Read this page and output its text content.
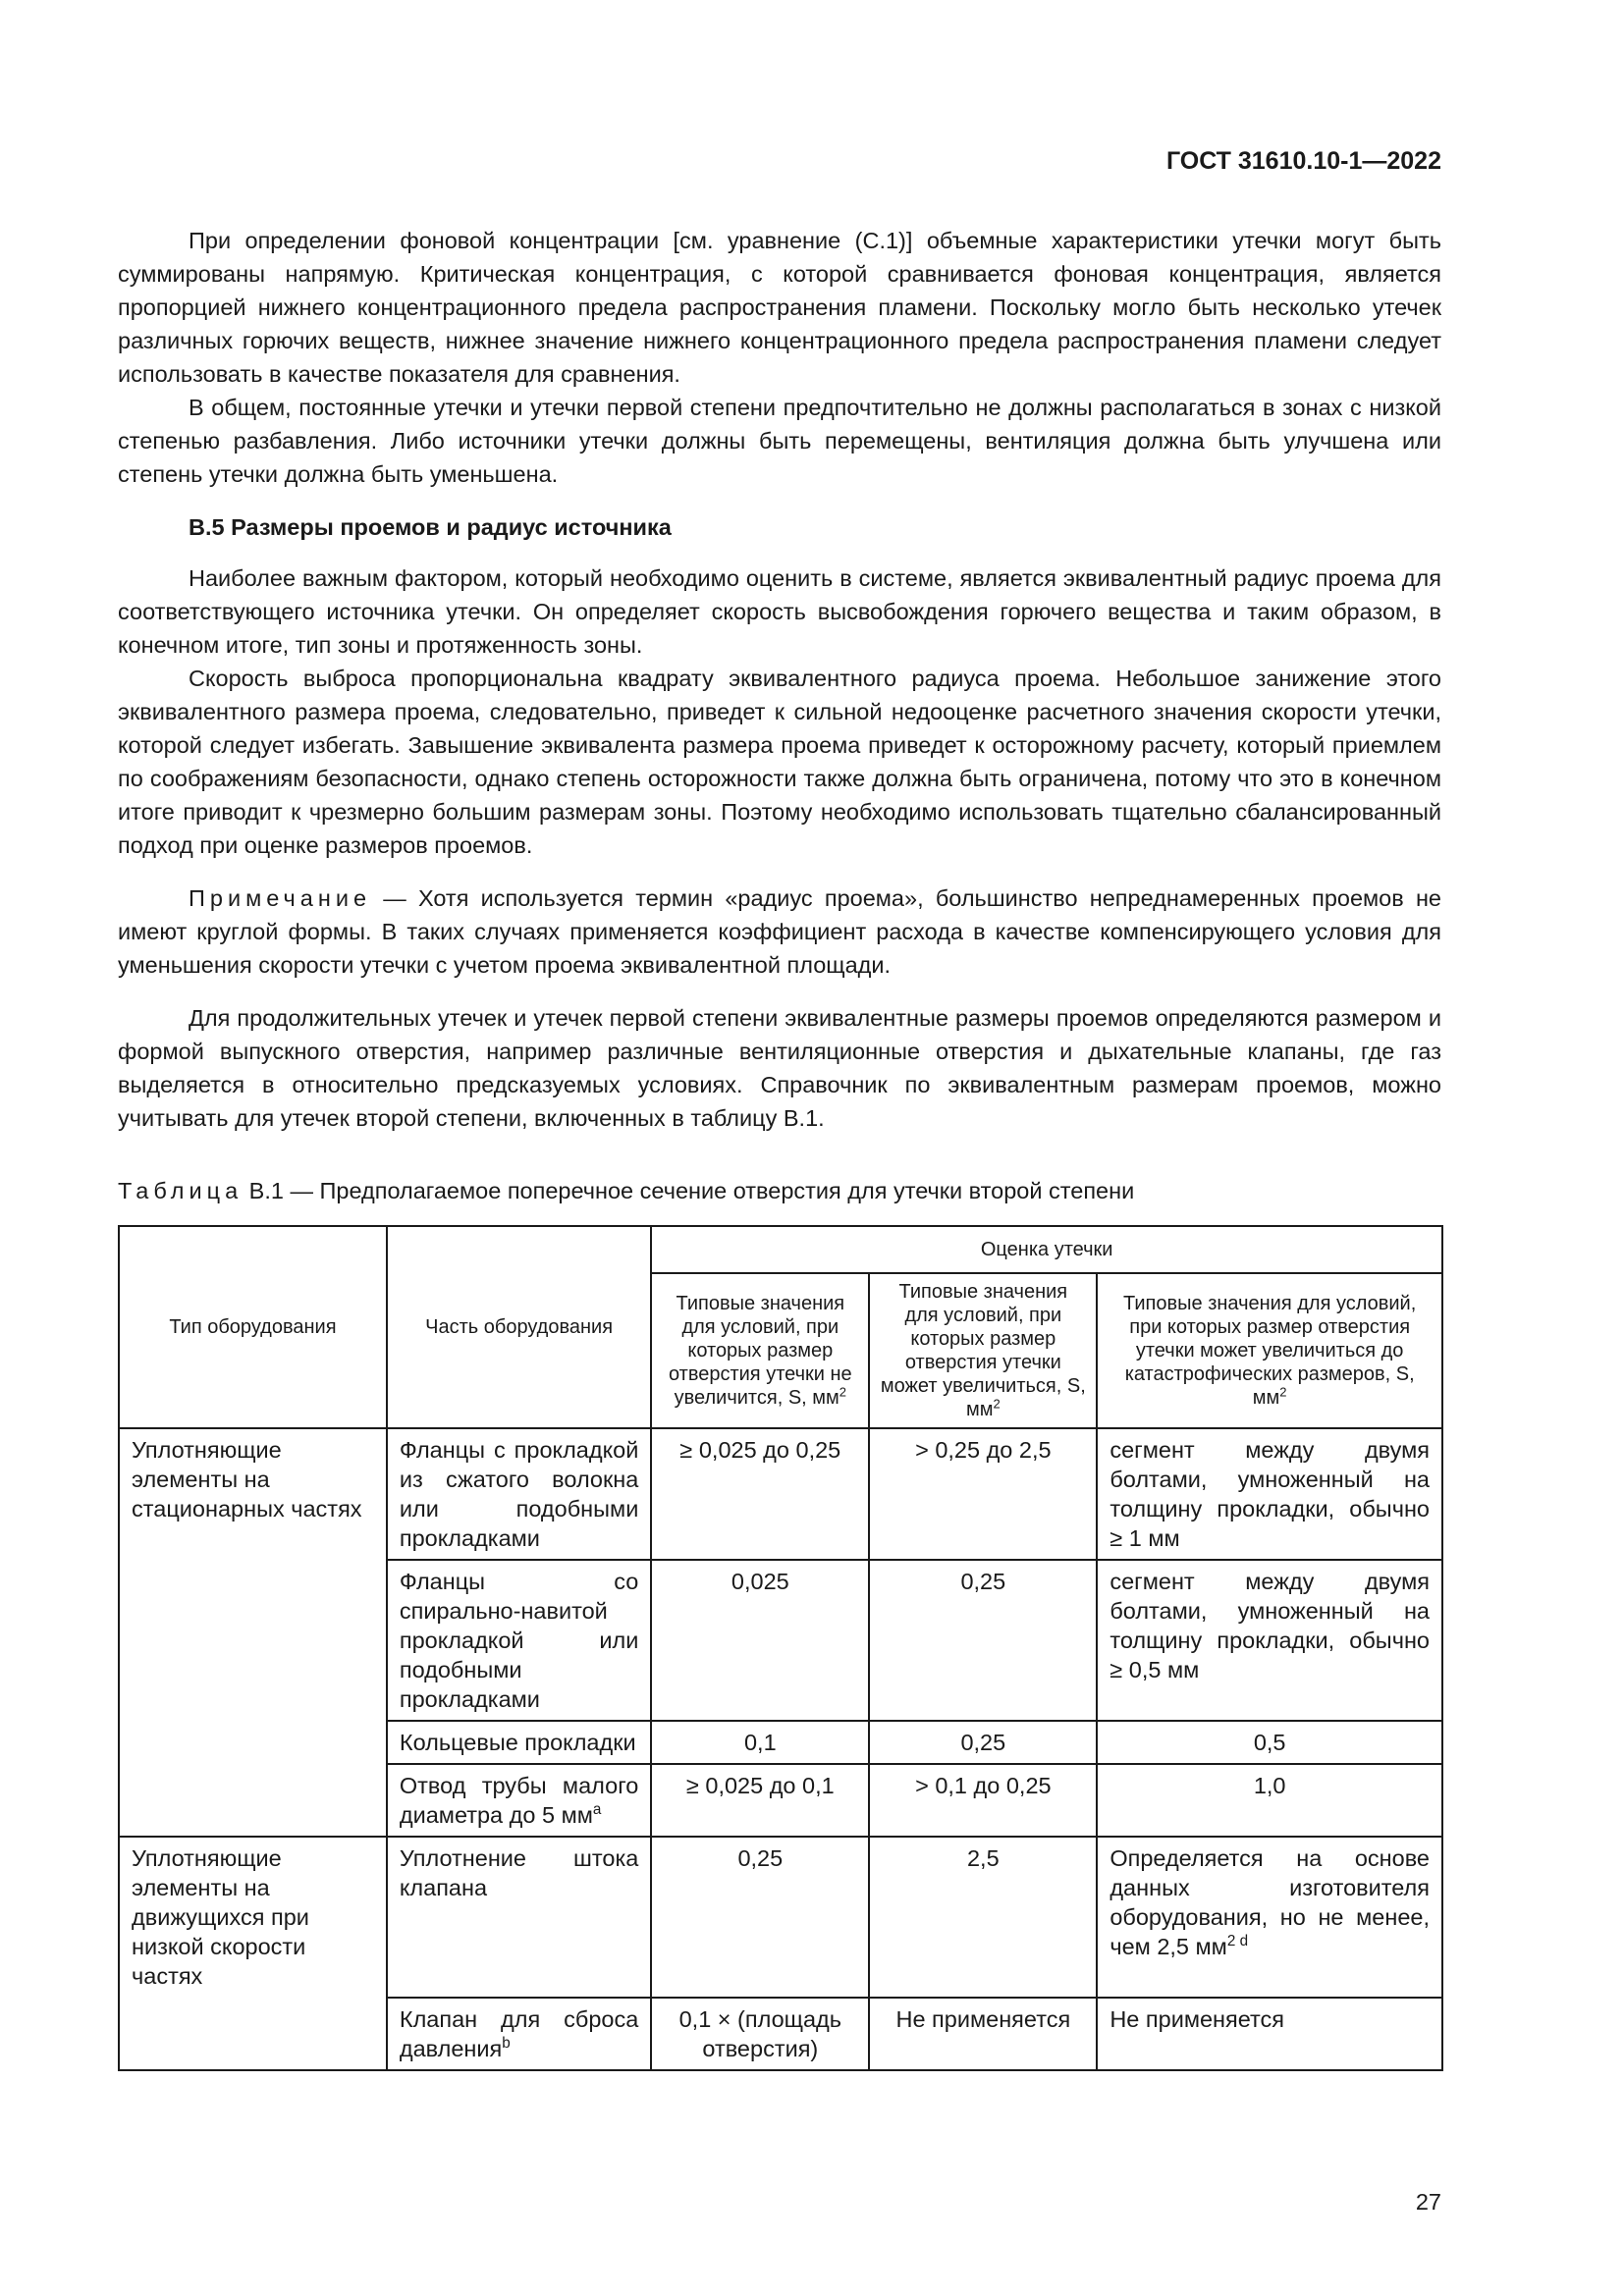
ГОСТ 31610.10-1—2022

При определении фоновой концентрации [см. уравнение (С.1)] объемные характеристики утечки могут быть суммированы напрямую. Критическая концентрация, с которой сравнивается фоновая концентрация, является пропорцией нижнего концентрационного предела распространения пламени. Поскольку могло быть несколько утечек различных горючих веществ, нижнее значение нижнего концентрационного предела распространения пламени следует использовать в качестве показателя для сравнения.

В общем, постоянные утечки и утечки первой степени предпочтительно не должны располагаться в зонах с низкой степенью разбавления. Либо источники утечки должны быть перемещены, вентиляция должна быть улучшена или степень утечки должна быть уменьшена.

В.5 Размеры проемов и радиус источника

Наиболее важным фактором, который необходимо оценить в системе, является эквивалентный радиус проема для соответствующего источника утечки. Он определяет скорость высвобождения горючего вещества и таким образом, в конечном итоге, тип зоны и протяженность зоны.

Скорость выброса пропорциональна квадрату эквивалентного радиуса проема. Небольшое занижение этого эквивалентного размера проема, следовательно, приведет к сильной недооценке расчетного значения скорости утечки, которой следует избегать. Завышение эквивалента размера проема приведет к осторожному расчету, который приемлем по соображениям безопасности, однако степень осторожности также должна быть ограничена, потому что это в конечном итоге приводит к чрезмерно большим размерам зоны. Поэтому необходимо использовать тщательно сбалансированный подход при оценке размеров проемов.

Примечание — Хотя используется термин «радиус проема», большинство непреднамеренных проемов не имеют круглой формы. В таких случаях применяется коэффициент расхода в качестве компенсирующего условия для уменьшения скорости утечки с учетом проема эквивалентной площади.

Для продолжительных утечек и утечек первой степени эквивалентные размеры проемов определяются размером и формой выпускного отверстия, например различные вентиляционные отверстия и дыхательные клапаны, где газ выделяется в относительно предсказуемых условиях. Справочник по эквивалентным размерам проемов, можно учитывать для утечек второй степени, включенных в таблицу В.1.

Таблица В.1 — Предполагаемое поперечное сечение отверстия для утечки второй степени
Тип оборудования	Часть оборудования	Оценка утечки		
		Типовые значения для условий, при которых размер отверстия утечки не увеличится, S, $мм^2$	Типовые значения для условий, при которых размер отверстия утечки может увеличиться, S, $мм^2$	Типовые значения для условий, при которых размер отверстия утечки может увеличиться до катастрофических размеров, S, $мм^2$
Уплотняющие элементы на стационарных частях	Фланцы с прокладкой из сжатого волокна или подобными прокладками	≥ 0,025 до 0,25	> 0,25 до 2,5	сегмент между двумя болтами, умноженный на толщину прокладки, обычно ≥ 1 мм
	Фланцы со спирально-навитой прокладкой или подобными прокладками	0,025	0,25	сегмент между двумя болтами, умноженный на толщину прокладки, обычно ≥ 0,5 мм
	Кольцевые прокладки	0,1	0,25	0,5
	Отвод трубы малого диаметра до 5 $мм^a$	≥ 0,025 до 0,1	> 0,1 до 0,25	1,0
Уплотняющие элементы на движущихся при низкой скорости частях	Уплотнение штока клапана	0,25	2,5	Определяется на основе данных изготовителя оборудования, но не менее, чем 2,5 $мм^{2 d}$
	Клапан для сброса давления$^b$	0,1 × (площадь отверстия)	Не применяется	Не применяется
27
